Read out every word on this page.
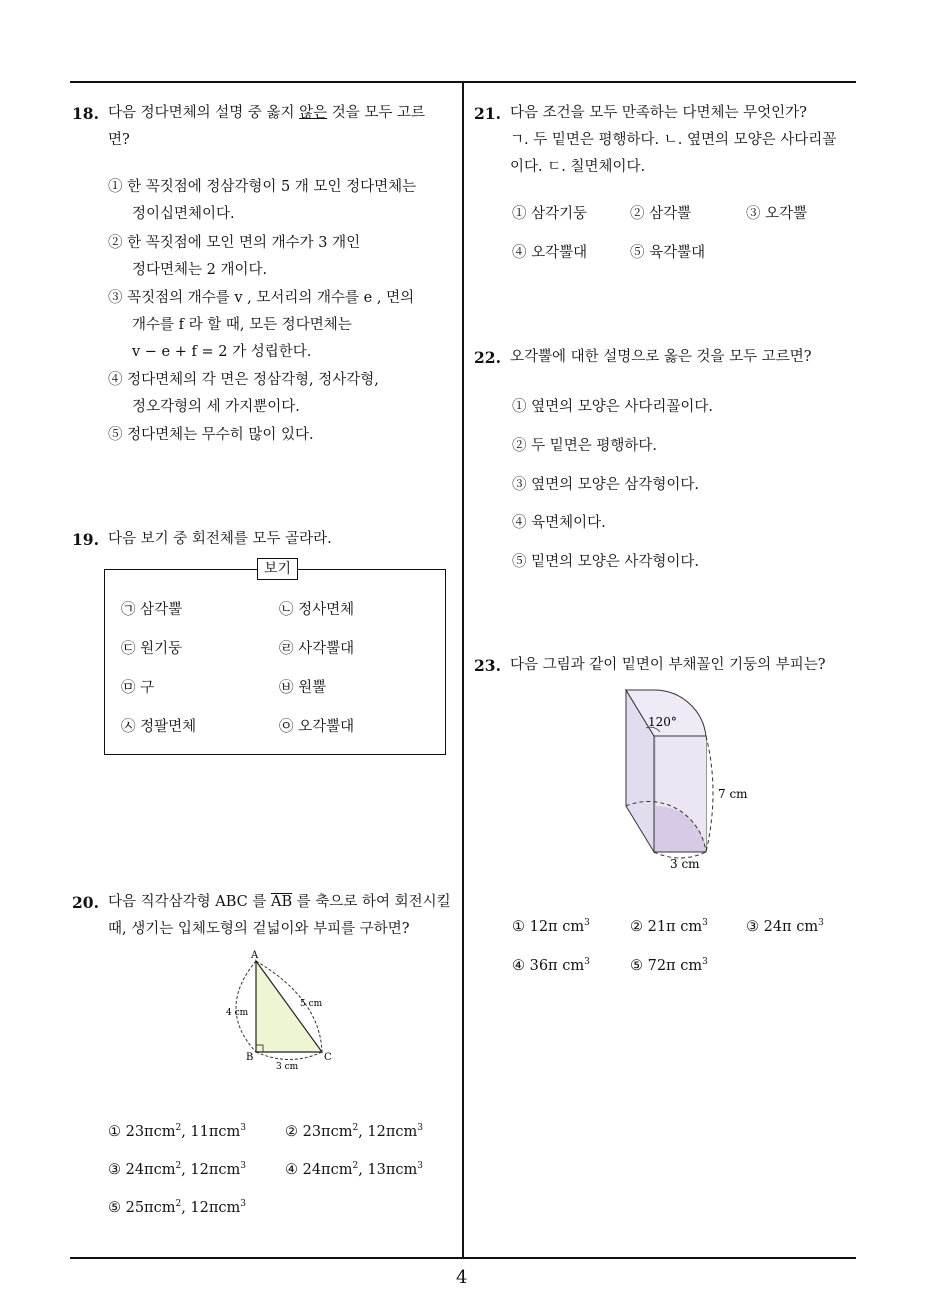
4
18. 다음 정다면체의 설명 중 옳지 않은 것을 모두 고르
면?
① 한 꼭짓점에 정삼각형이 5 개 모인 정다면체는
정이십면체이다.
② 한 꼭짓점에 모인 면의 개수가 3 개인
정다면체는 2 개이다.
③ 꼭짓점의 개수를 v , 모서리의 개수를 e , 면의
개수를 f 라 할 때, 모든 정다면체는
v − e + f = 2 가 성립한다.
④ 정다면체의 각 면은 정삼각형, 정사각형,
정오각형의 세 가지뿐이다.
⑤ 정다면체는 무수히 많이 있다.
19. 다음 보기 중 회전체를 모두 골라라.
보기
㉠ 삼각뿔	㉡ 정사면체
㉢ 원기둥	㉣ 사각뿔대
㉤ 구	㉥ 원뿔
㉦ 정팔면체	㉧ 오각뿔대
20. 다음 직각삼각형 ABC 를 $\overline{AB}$ 를 축으로 하여 회전시킬
때, 생기는 입체도형의 겉넓이와 부피를 구하면?
A
B	C
4 cm
5 cm
3 cm
① 23πcm$^2$, 11πcm$^3$	② 23πcm$^2$, 12πcm$^3$
③ 24πcm$^2$, 12πcm$^3$	④ 24πcm$^2$, 13πcm$^3$
⑤ 25πcm$^2$, 12πcm$^3$
21. 다음 조건을 모두 만족하는 다면체는 무엇인가?
ㄱ. 두 밑면은 평행하다. ㄴ. 옆면의 모양은 사다리꼴
이다. ㄷ. 칠면체이다.
① 삼각기둥	② 삼각뿔	③ 오각뿔
④ 오각뿔대	⑤ 육각뿔대
22. 오각뿔에 대한 설명으로 옳은 것을 모두 고르면?
① 옆면의 모양은 사다리꼴이다.
② 두 밑면은 평행하다.
③ 옆면의 모양은 삼각형이다.
④ 육면체이다.
⑤ 밑면의 모양은 사각형이다.
23. 다음 그림과 같이 밑면이 부채꼴인 기둥의 부피는?
120°
7 cm
3 cm
① 12π $cm^3$	② 21π $cm^3$	③ 24π $cm^3$
④ 36π $cm^3$	⑤ 72π $cm^3$
